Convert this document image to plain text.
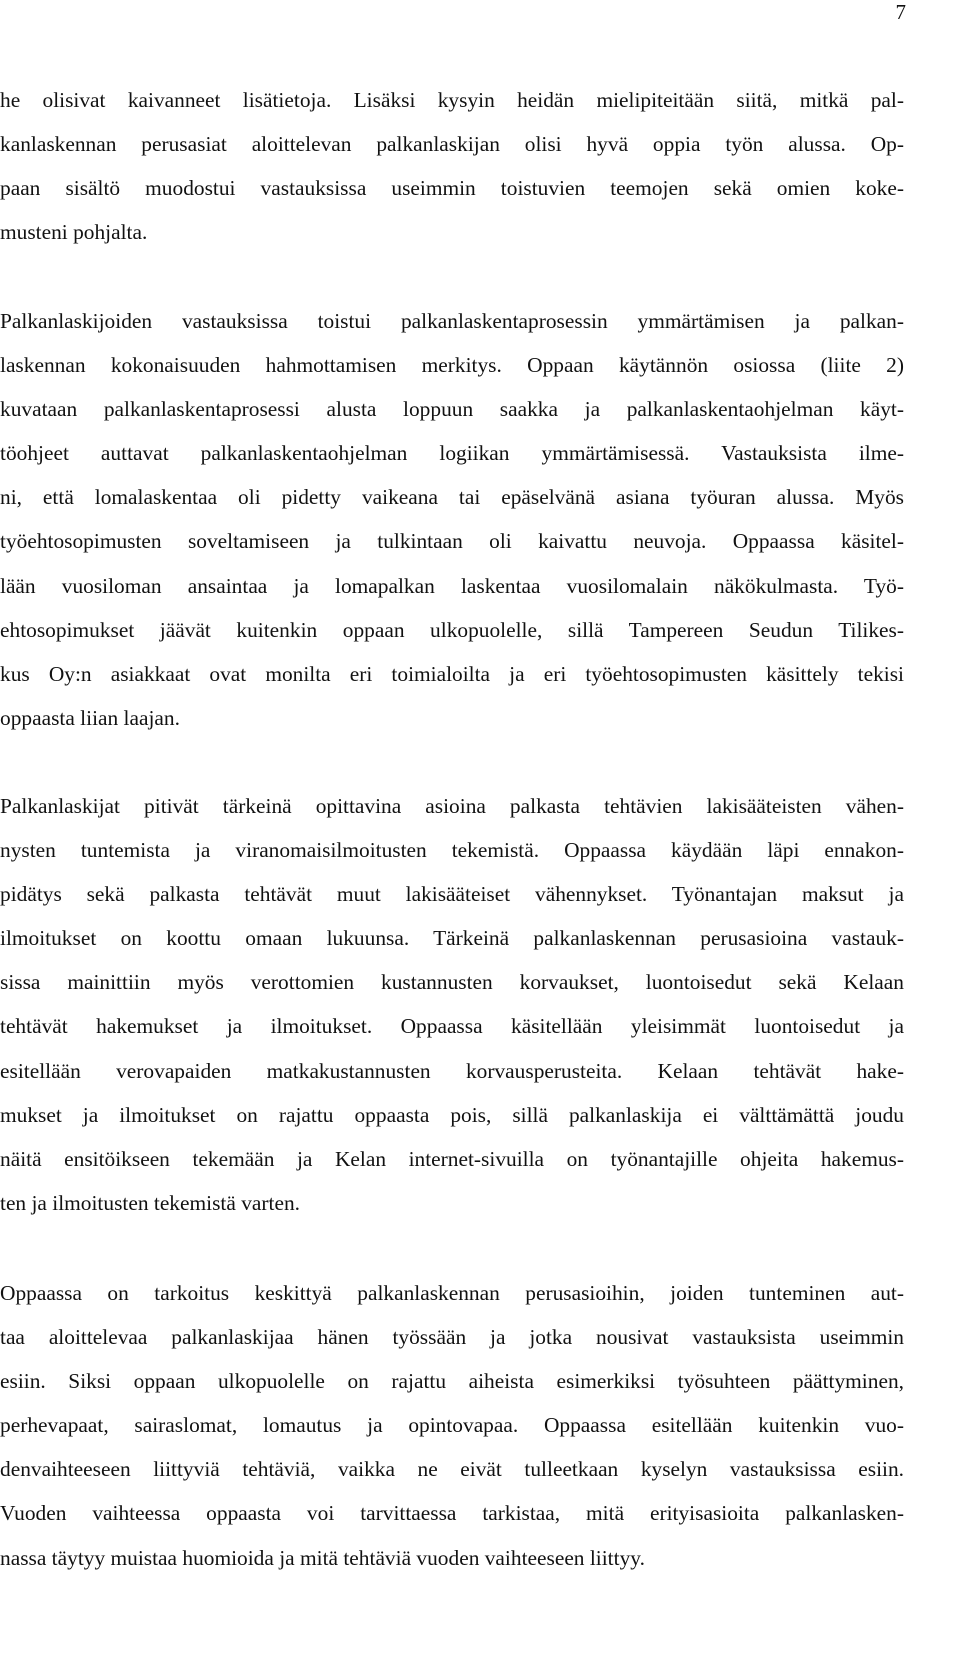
7
he olisivat kaivanneet lisätietoja. Lisäksi kysyin heidän mielipiteitään siitä, mitkä pal-
kanlaskennan perusasiat aloittelevan palkanlaskijan olisi hyvä oppia työn alussa. Op-
paan sisältö muodostui vastauksissa useimmin toistuvien teemojen sekä omien koke-
musteni pohjalta.
Palkanlaskijoiden vastauksissa toistui palkanlaskentaprosessin ymmärtämisen ja palkan-
laskennan kokonaisuuden hahmottamisen merkitys. Oppaan käytännön osiossa (liite 2)
kuvataan palkanlaskentaprosessi alusta loppuun saakka ja palkanlaskentaohjelman käyt-
töohjeet auttavat palkanlaskentaohjelman logiikan ymmärtämisessä. Vastauksista ilme-
ni, että lomalaskentaa oli pidetty vaikeana tai epäselvänä asiana työuran alussa. Myös
työehtosopimusten soveltamiseen ja tulkintaan oli kaivattu neuvoja. Oppaassa käsitel-
lään vuosiloman ansaintaa ja lomapalkan laskentaa vuosilomalain näkökulmasta. Työ-
ehtosopimukset jäävät kuitenkin oppaan ulkopuolelle, sillä Tampereen Seudun Tilikes-
kus Oy:n asiakkaat ovat monilta eri toimialoilta ja eri työehtosopimusten käsittely tekisi
oppaasta liian laajan.
Palkanlaskijat pitivät tärkeinä opittavina asioina palkasta tehtävien lakisääteisten vähen-
nysten tuntemista ja viranomaisilmoitusten tekemistä. Oppaassa käydään läpi ennakon-
pidätys sekä palkasta tehtävät muut lakisääteiset vähennykset. Työnantajan maksut ja
ilmoitukset on koottu omaan lukuunsa. Tärkeinä palkanlaskennan perusasioina vastauk-
sissa mainittiin myös verottomien kustannusten korvaukset, luontoisedut sekä Kelaan
tehtävät hakemukset ja ilmoitukset. Oppaassa käsitellään yleisimmät luontoisedut ja
esitellään verovapaiden matkakustannusten korvausperusteita. Kelaan tehtävät hake-
mukset ja ilmoitukset on rajattu oppaasta pois, sillä palkanlaskija ei välttämättä joudu
näitä ensitöikseen tekemään ja Kelan internet-sivuilla on työnantajille ohjeita hakemus-
ten ja ilmoitusten tekemistä varten.
Oppaassa on tarkoitus keskittyä palkanlaskennan perusasioihin, joiden tunteminen aut-
taa aloittelevaa palkanlaskijaa hänen työssään ja jotka nousivat vastauksista useimmin
esiin. Siksi oppaan ulkopuolelle on rajattu aiheista esimerkiksi työsuhteen päättyminen,
perhevapaat, sairaslomat, lomautus ja opintovapaa. Oppaassa esitellään kuitenkin vuo-
denvaihteeseen liittyviä tehtäviä, vaikka ne eivät tulleetkaan kyselyn vastauksissa esiin.
Vuoden vaihteessa oppaasta voi tarvittaessa tarkistaa, mitä erityisasioita palkanlasken-
nassa täytyy muistaa huomioida ja mitä tehtäviä vuoden vaihteeseen liittyy.
